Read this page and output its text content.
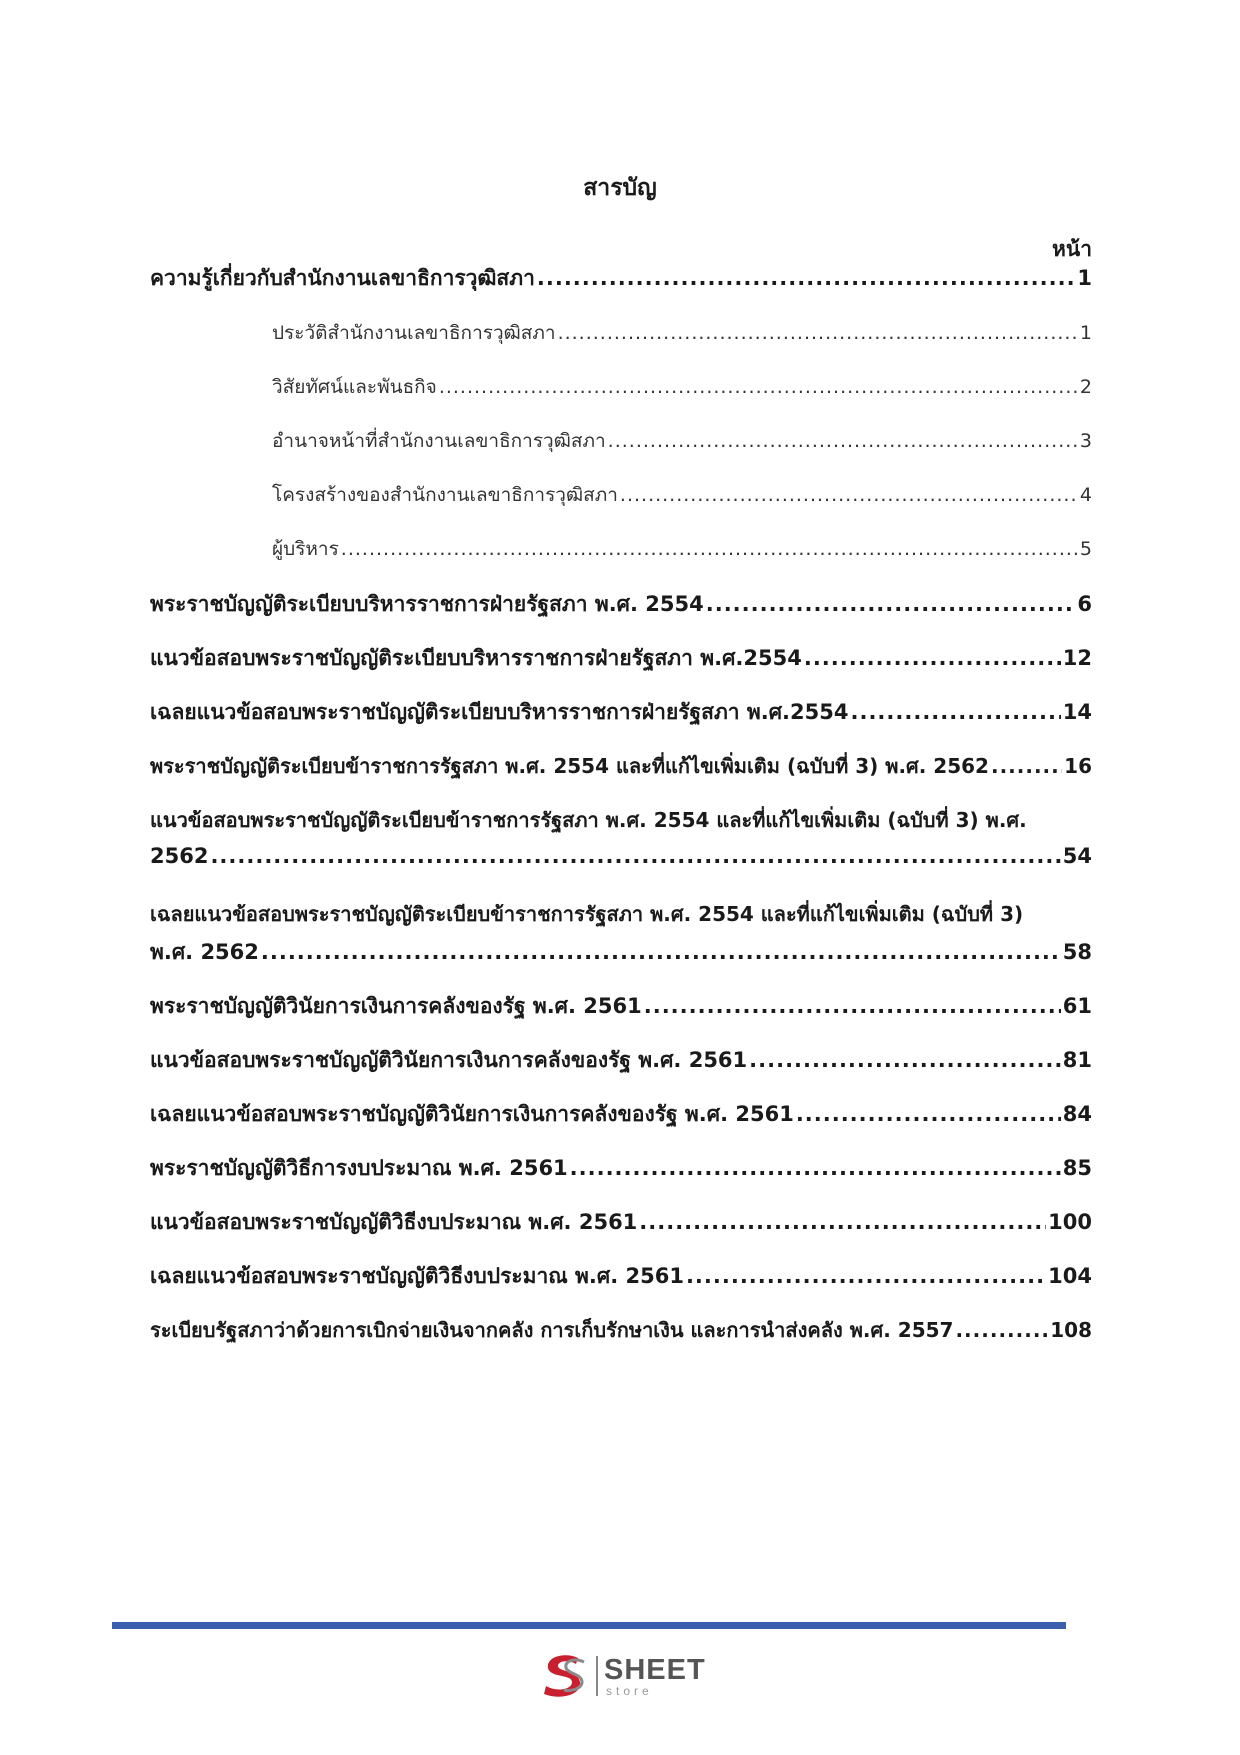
สารบัญ
หน้า
ความรู้เกี่ยวกับสำนักงานเลขาธิการวุฒิสภา .....	1
ประวัติสำนักงานเลขาธิการวุฒิสภา .....	1
วิสัยทัศน์และพันธกิจ .....	2
อำนาจหน้าที่สำนักงานเลขาธิการวุฒิสภา .....	3
โครงสร้างของสำนักงานเลขาธิการวุฒิสภา .....	4
ผู้บริหาร .....	5
พระราชบัญญัติระเบียบบริหารราชการฝ่ายรัฐสภา พ.ศ. 2554 .....	6
แนวข้อสอบพระราชบัญญัติระเบียบบริหารราชการฝ่ายรัฐสภา พ.ศ.2554 .....	12
เฉลยแนวข้อสอบพระราชบัญญัติระเบียบบริหารราชการฝ่ายรัฐสภา พ.ศ.2554 .....	14
พระราชบัญญัติระเบียบข้าราชการรัฐสภา พ.ศ. 2554 และที่แก้ไขเพิ่มเติม (ฉบับที่ 3) พ.ศ. 2562 .....	16
แนวข้อสอบพระราชบัญญัติระเบียบข้าราชการรัฐสภา พ.ศ. 2554 และที่แก้ไขเพิ่มเติม (ฉบับที่ 3) พ.ศ.
2562 .....	54
เฉลยแนวข้อสอบพระราชบัญญัติระเบียบข้าราชการรัฐสภา พ.ศ. 2554 และที่แก้ไขเพิ่มเติม (ฉบับที่ 3)
พ.ศ. 2562 .....	58
พระราชบัญญัติวินัยการเงินการคลังของรัฐ พ.ศ. 2561 .....	61
แนวข้อสอบพระราชบัญญัติวินัยการเงินการคลังของรัฐ พ.ศ. 2561 .....	81
เฉลยแนวข้อสอบพระราชบัญญัติวินัยการเงินการคลังของรัฐ พ.ศ. 2561 .....	84
พระราชบัญญัติวิธีการงบประมาณ พ.ศ. 2561 .....	85
แนวข้อสอบพระราชบัญญัติวิธีงบประมาณ พ.ศ. 2561 .....	100
เฉลยแนวข้อสอบพระราชบัญญัติวิธีงบประมาณ พ.ศ. 2561 .....	104
ระเบียบรัฐสภาว่าด้วยการเบิกจ่ายเงินจากคลัง การเก็บรักษาเงิน และการนำส่งคลัง พ.ศ. 2557 .....	108
SHEET
store
